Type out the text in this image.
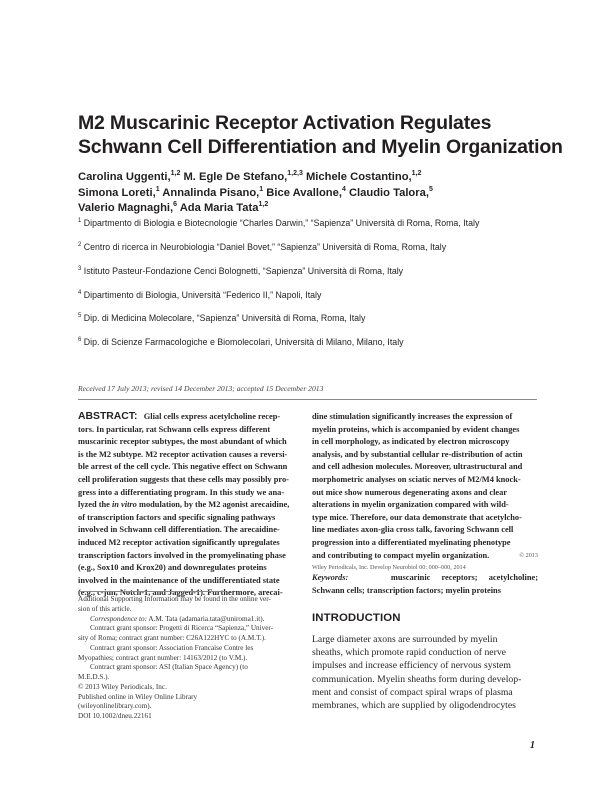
M2 Muscarinic Receptor Activation Regulates
Schwann Cell Differentiation and Myelin Organization
Carolina Uggenti,$^{1,2}$ M. Egle De Stefano,$^{1,2,3}$ Michele Costantino,$^{1,2}$
Simona Loreti,$^1$ Annalinda Pisano,$^1$ Bice Avallone,$^4$ Claudio Talora,$^5$
Valerio Magnaghi,$^6$ Ada Maria Tata$^{1,2}$
$^1$ Dipartmento di Biologia e Biotecnologie “Charles Darwin,” “Sapienza” Università di Roma, Roma, Italy
$^2$ Centro di ricerca in Neurobiologia “Daniel Bovet,” “Sapienza” Università di Roma, Roma, Italy
$^3$ Istituto Pasteur-Fondazione Cenci Bolognetti, “Sapienza” Università di Roma, Italy
$^4$ Dipartimento di Biologia, Università “Federico II,” Napoli, Italy
$^5$ Dip. di Medicina Molecolare, “Sapienza” Università di Roma, Roma, Italy
$^6$ Dip. di Scienze Farmacologiche e Biomolecolari, Università di Milano, Milano, Italy
Received 17 July 2013; revised 14 December 2013; accepted 15 December 2013
ABSTRACT: Glial cells express acetylcholine recep-
tors. In particular, rat Schwann cells express different
muscarinic receptor subtypes, the most abundant of which
is the M2 subtype. M2 receptor activation causes a reversi-
ble arrest of the cell cycle. This negative effect on Schwann
cell proliferation suggests that these cells may possibly pro-
gress into a differentiating program. In this study we ana-
lyzed the in vitro modulation, by the M2 agonist arecaidine,
of transcription factors and specific signaling pathways
involved in Schwann cell differentiation. The arecaidine-
induced M2 receptor activation significantly upregulates
transcription factors involved in the promyelinating phase
(e.g., Sox10 and Krox20) and downregulates proteins
involved in the maintenance of the undifferentiated state
(e.g., c-jun, Notch-1, and Jagged-1). Furthermore, arecai-
dine stimulation significantly increases the expression of
myelin proteins, which is accompanied by evident changes
in cell morphology, as indicated by electron microscopy
analysis, and by substantial cellular re-distribution of actin
and cell adhesion molecules. Moreover, ultrastructural and
morphometric analyses on sciatic nerves of M2/M4 knock-
out mice show numerous degenerating axons and clear
alterations in myelin organization compared with wild-
type mice. Therefore, our data demonstrate that acetylcho-
line mediates axon-glia cross talk, favoring Schwann cell
progression into a differentiated myelinating phenotype
and contributing to compact myelin organization.	© 2013
Wiley Periodicals, Inc. Develop Neurobiol 00: 000–000, 2014
Keywords:	muscarinic receptors; acetylcholine;
Schwann cells; transcription factors; myelin proteins
Additional Supporting Information may be found in the online ver-
sion of this article.
Correspondence to: A.M. Tata (adamaria.tata@uniroma1.it).
Contract grant sponsor: Progetti di Ricerca “Sapienza,” Univer-
sity of Roma; contract grant number: C26A122HYC to (A.M.T.).
Contract grant sponsor: Association Francaise Contre les
Myopathies; contract grant number: 14163/2012 (to V.M.).
Contract grant sponsor: ASI (Italian Space Agency) (to
M.E.D.S.).
© 2013 Wiley Periodicals, Inc.
Published online in Wiley Online Library
(wileyonlinelibrary.com).
DOI 10.1002/dneu.22161
INTRODUCTION
Large diameter axons are surrounded by myelin
sheaths, which promote rapid conduction of nerve
impulses and increase efficiency of nervous system
communication. Myelin sheaths form during develop-
ment and consist of compact spiral wraps of plasma
membranes, which are supplied by oligodendrocytes
1
